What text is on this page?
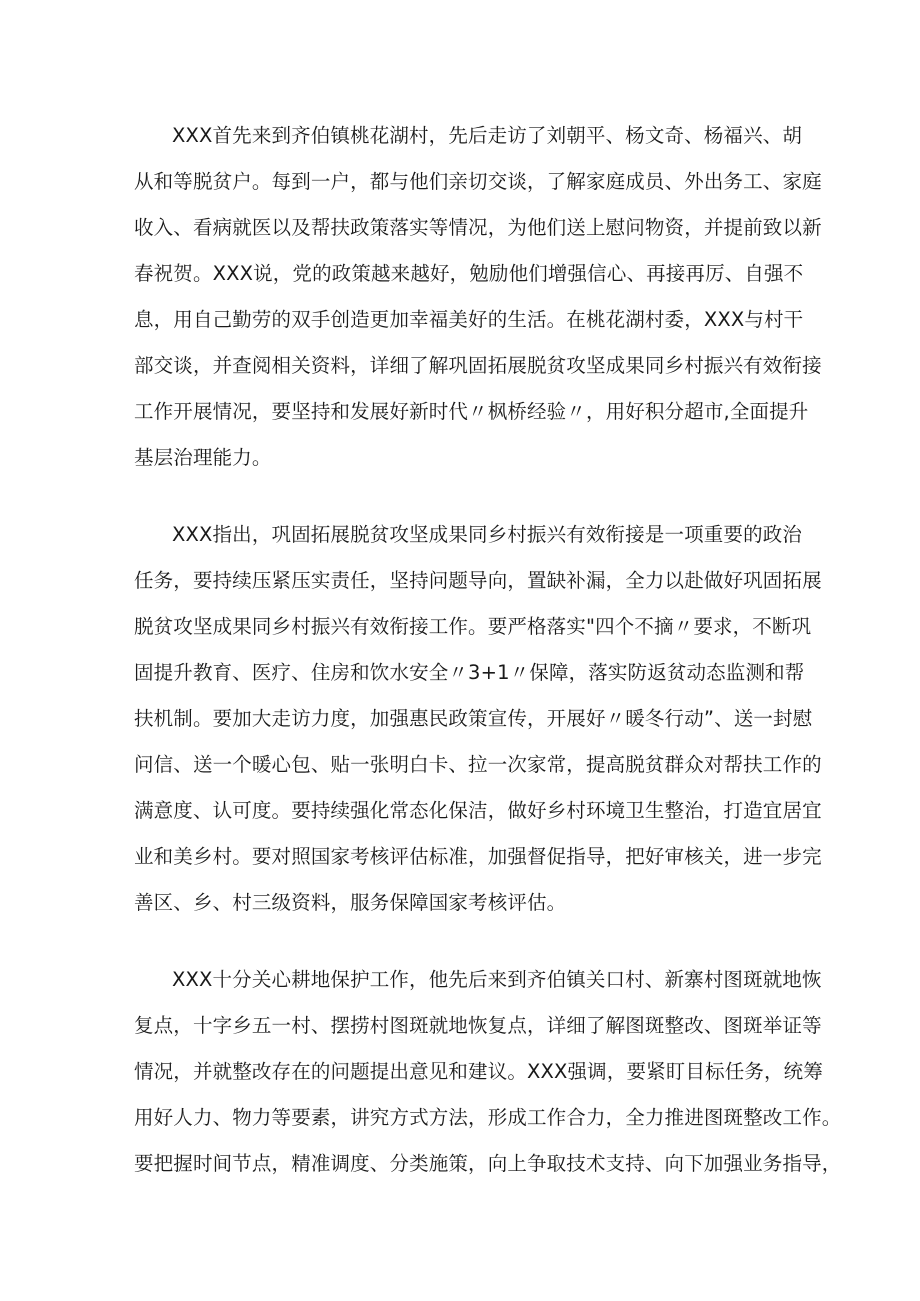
XXX首先来到齐伯镇桃花湖村，先后走访了刘朝平、杨文奇、杨福兴、胡
从和等脱贫户。每到一户，都与他们亲切交谈，了解家庭成员、外出务工、家庭
收入、看病就医以及帮扶政策落实等情况，为他们送上慰问物资，并提前致以新
春祝贺。XXX说，党的政策越来越好，勉励他们增强信心、再接再厉、自强不
息，用自己勤劳的双手创造更加幸福美好的生活。在桃花湖村委，XXX与村干
部交谈，并查阅相关资料，详细了解巩固拓展脱贫攻坚成果同乡村振兴有效衔接
工作开展情况，要坚持和发展好新时代〃枫桥经验〃，用好积分超市,全面提升
基层治理能力。
XXX指出，巩固拓展脱贫攻坚成果同乡村振兴有效衔接是一项重要的政治
任务，要持续压紧压实责任，坚持问题导向，置缺补漏，全力以赴做好巩固拓展
脱贫攻坚成果同乡村振兴有效衔接工作。要严格落实"四个不摘〃要求，不断巩
固提升教育、医疗、住房和饮水安全〃3+1〃保障，落实防返贫动态监测和帮
扶机制。要加大走访力度，加强惠民政策宣传，开展好〃暖冬行动”、送一封慰
问信、送一个暖心包、贴一张明白卡、拉一次家常，提高脱贫群众对帮扶工作的
满意度、认可度。要持续强化常态化保洁，做好乡村环境卫生整治，打造宜居宜
业和美乡村。要对照国家考核评估标准，加强督促指导，把好审核关，进一步完
善区、乡、村三级资料，服务保障国家考核评估。
XXX十分关心耕地保护工作，他先后来到齐伯镇关口村、新寨村图斑就地恢
复点，十字乡五一村、摆捞村图斑就地恢复点，详细了解图斑整改、图斑举证等
情况，并就整改存在的问题提出意见和建议。XXX强调，要紧盯目标任务，统筹
用好人力、物力等要素，讲究方式方法，形成工作合力，全力推进图斑整改工作。
要把握时间节点，精准调度、分类施策，向上争取技术支持、向下加强业务指导，
